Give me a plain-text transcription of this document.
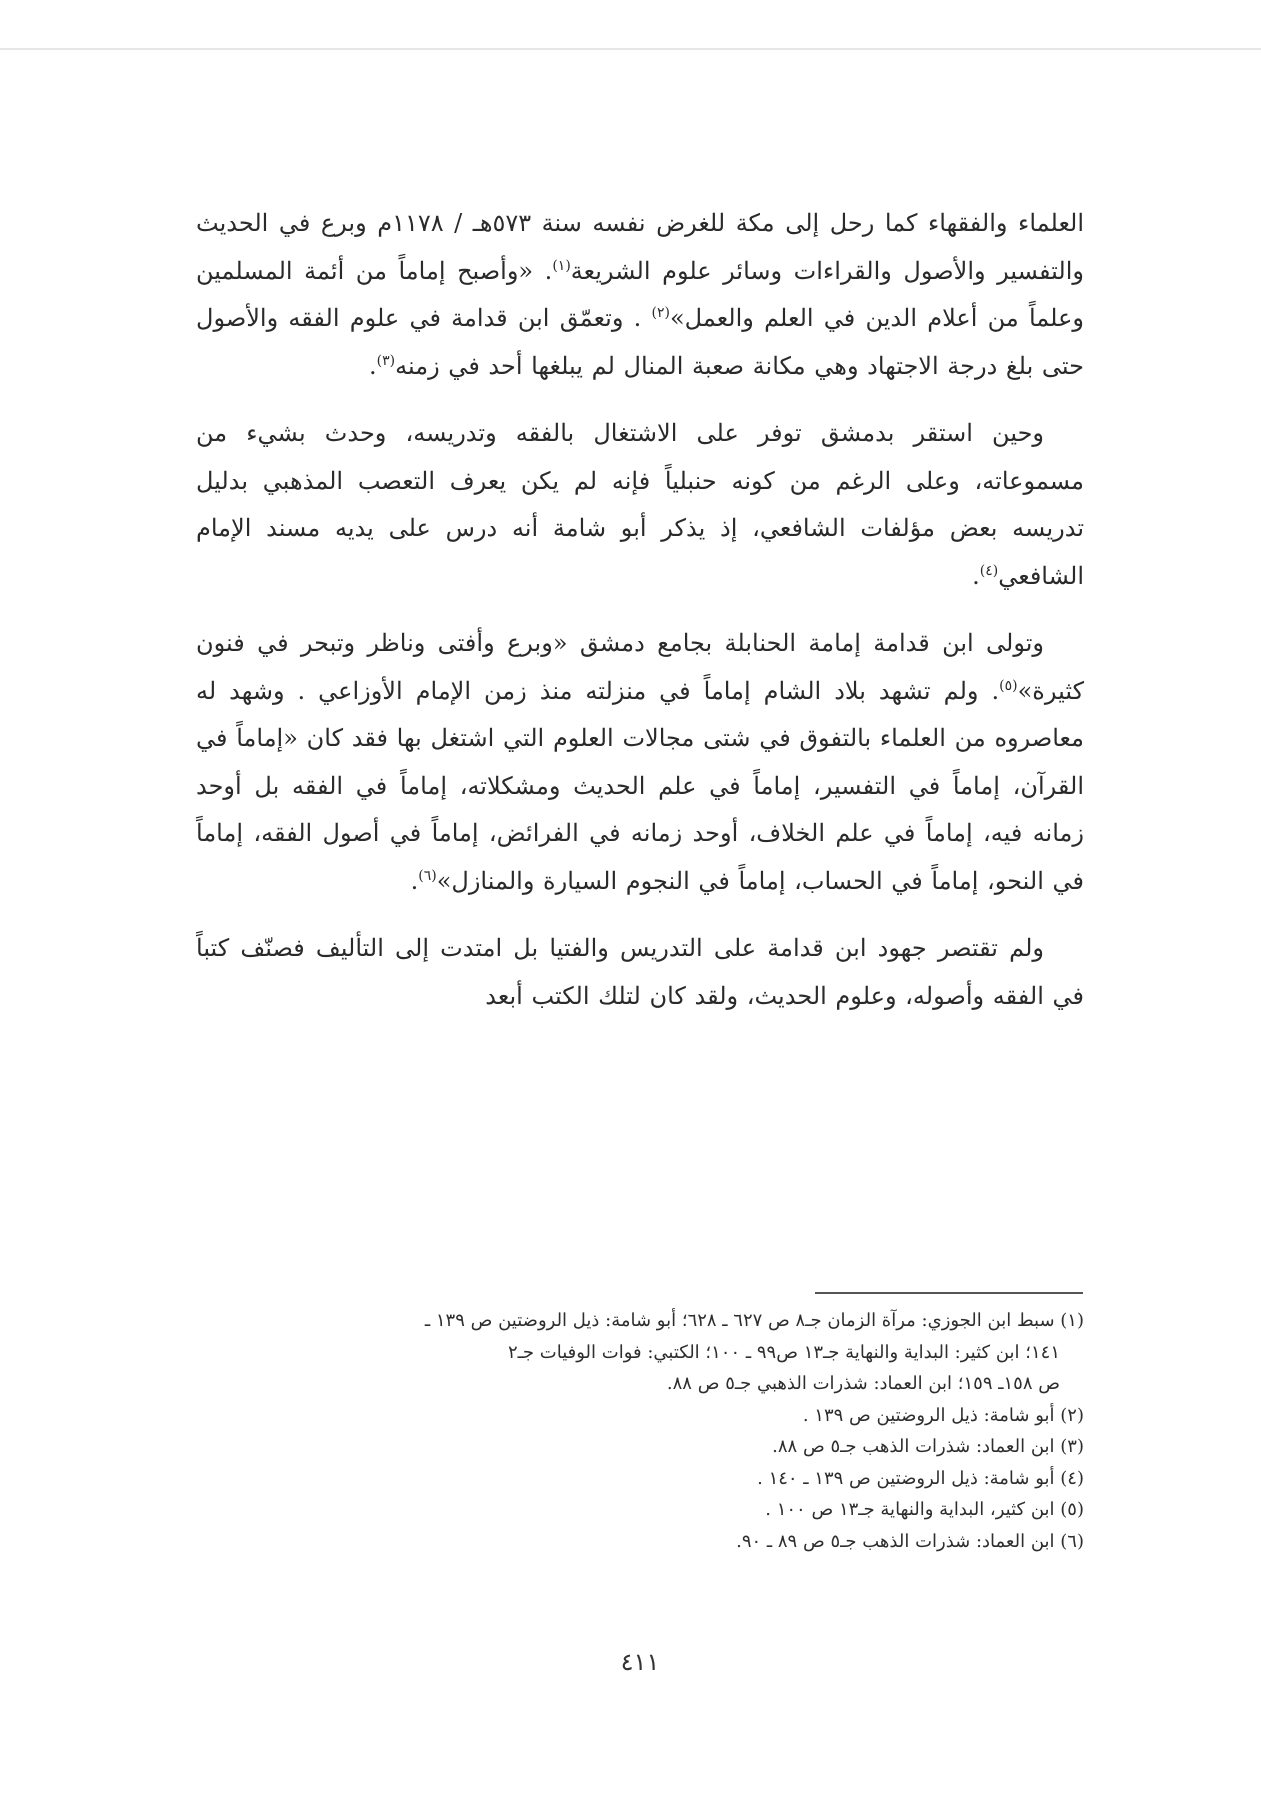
العلماء والفقهاء كما رحل إلى مكة للغرض نفسه سنة ٥٧٣هـ / ١١٧٨م وبرع في الحديث والتفسير والأصول والقراءات وسائر علوم الشريعة$^{(١)}$. «وأصبح إماماً من أئمة المسلمين وعلماً من أعلام الدين في العلم والعمل»$^{(٢)}$ . وتعمّق ابن قدامة في علوم الفقه والأصول حتى بلغ درجة الاجتهاد وهي مكانة صعبة المنال لم يبلغها أحد في زمنه$^{(٣)}$.

وحين استقر بدمشق توفر على الاشتغال بالفقه وتدريسه، وحدث بشيء من مسموعاته، وعلى الرغم من كونه حنبلياً فإنه لم يكن يعرف التعصب المذهبي بدليل تدريسه بعض مؤلفات الشافعي، إذ يذكر أبو شامة أنه درس على يديه مسند الإمام الشافعي$^{(٤)}$.

وتولى ابن قدامة إمامة الحنابلة بجامع دمشق «وبرع وأفتى وناظر وتبحر في فنون كثيرة»$^{(٥)}$. ولم تشهد بلاد الشام إماماً في منزلته منذ زمن الإمام الأوزاعي . وشهد له معاصروه من العلماء بالتفوق في شتى مجالات العلوم التي اشتغل بها فقد كان «إماماً في القرآن، إماماً في التفسير، إماماً في علم الحديث ومشكلاته، إماماً في الفقه بل أوحد زمانه فيه، إماماً في علم الخلاف، أوحد زمانه في الفرائض، إماماً في أصول الفقه، إماماً في النحو، إماماً في الحساب، إماماً في النجوم السيارة والمنازل»$^{(٦)}$.

ولم تقتصر جهود ابن قدامة على التدريس والفتيا بل امتدت إلى التأليف فصنّف كتباً في الفقه وأصوله، وعلوم الحديث، ولقد كان لتلك الكتب أبعد

(١) سبط ابن الجوزي: مرآة الزمان جـ٨ ص ٦٢٧ ـ ٦٢٨؛ أبو شامة: ذيل الروضتين ص ١٣٩ ـ
١٤١؛ ابن كثير: البداية والنهاية جـ١٣ ص٩٩ ـ ١٠٠؛ الكتبي: فوات الوفيات جـ٢
ص ١٥٨ـ ١٥٩؛ ابن العماد: شذرات الذهبي جـ٥ ص ٨٨.

(٢) أبو شامة: ذيل الروضتين ص ١٣٩ .

(٣) ابن العماد: شذرات الذهب جـ٥ ص ٨٨.

(٤) أبو شامة: ذيل الروضتين ص ١٣٩ ـ ١٤٠ .

(٥) ابن كثير، البداية والنهاية جـ١٣ ص ١٠٠ .

(٦) ابن العماد: شذرات الذهب جـ٥ ص ٨٩ ـ ٩٠.

٤١١
